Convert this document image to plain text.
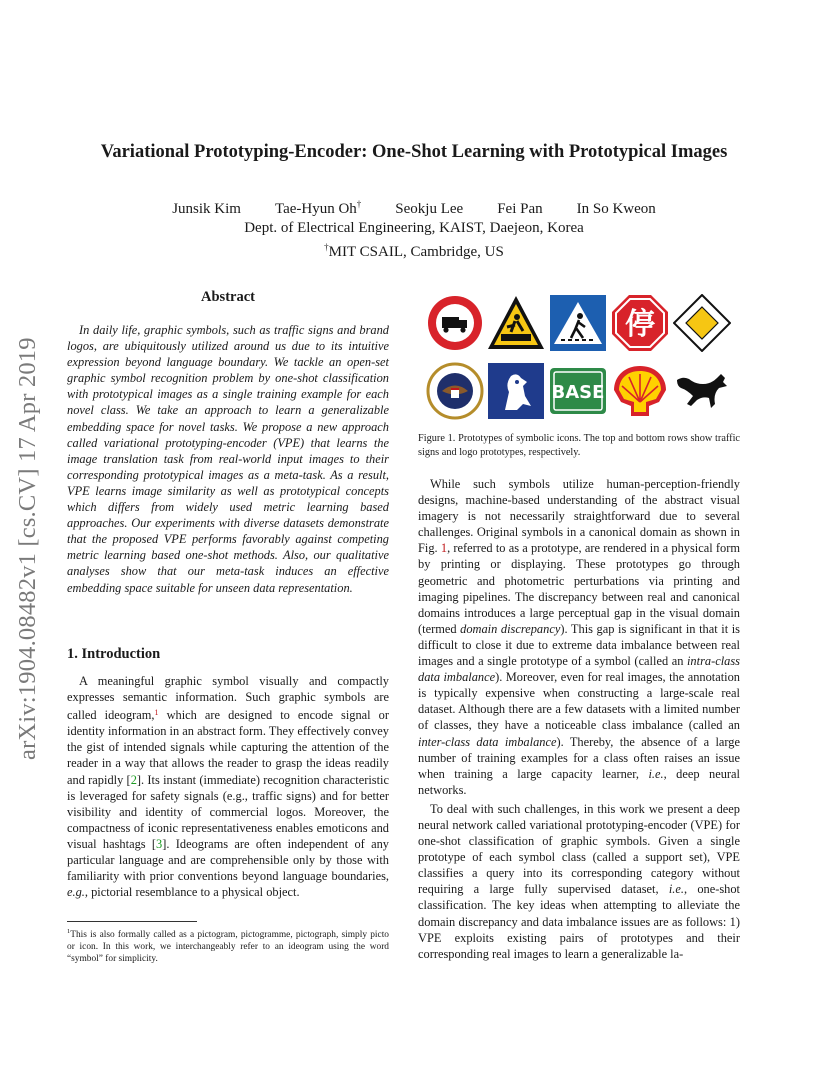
arXiv:1904.08482v1 [cs.CV] 17 Apr 2019
Variational Prototyping-Encoder: One-Shot Learning with Prototypical Images
Junsik Kim Tae-Hyun Oh† Seokju Lee Fei Pan In So Kweon
Dept. of Electrical Engineering, KAIST, Daejeon, Korea
†MIT CSAIL, Cambridge, US
Abstract

In daily life, graphic symbols, such as traffic signs and brand logos, are ubiquitously utilized around us due to its intuitive expression beyond language boundary. We tackle an open-set graphic symbol recognition problem by one-shot classification with prototypical images as a single training example for each novel class. We take an approach to learn a generalizable embedding space for novel tasks. We propose a new approach called variational prototyping-encoder (VPE) that learns the image translation task from real-world input images to their corresponding prototypical images as a meta-task. As a result, VPE learns image similarity as well as prototypical concepts which differs from widely used metric learning based approaches. Our experiments with diverse datasets demonstrate that the proposed VPE performs favorably against competing metric learning based one-shot methods. Also, our qualitative analyses show that our meta-task induces an effective embedding space suitable for unseen data representation.

1. Introduction

A meaningful graphic symbol visually and compactly expresses semantic information. Such graphic symbols are called ideogram,$^1$ which are designed to encode signal or identity information in an abstract form. They effectively convey the gist of intended signals while capturing the attention of the reader in a way that allows the reader to grasp the ideas readily and rapidly [2]. Its instant (immediate) recognition characteristic is leveraged for safety signals (e.g., traffic signs) and for better visibility and identity of commercial logos. Moreover, the compactness of iconic representativeness enables emoticons and visual hashtags [3]. Ideograms are often independent of any particular language and are comprehensible only by those with familiarity with prior conventions beyond language boundaries, e.g., pictorial resemblance to a physical object.

$^1$This is also formally called as a pictogram, pictogramme, pictograph, simply picto or icon. In this work, we interchangeably refer to an ideogram using the word “symbol” for simplicity.
停
BASE
Figure 1. Prototypes of symbolic icons. The top and bottom rows show traffic signs and logo prototypes, respectively.

While such symbols utilize human-perception-friendly designs, machine-based understanding of the abstract visual imagery is not necessarily straightforward due to several challenges. Original symbols in a canonical domain as shown in Fig. 1, referred to as a prototype, are rendered in a physical form by printing or displaying. These prototypes go through geometric and photometric perturbations via printing and imaging pipelines. The discrepancy between real and canonical domains introduces a large perceptual gap in the visual domain (termed domain discrepancy). This gap is significant in that it is difficult to close it due to extreme data imbalance between real images and a single prototype of a symbol (called an intra-class data imbalance). Moreover, even for real images, the annotation is typically expensive when constructing a large-scale real dataset. Although there are a few datasets with a limited number of classes, they have a noticeable class imbalance (called an inter-class data imbalance). Thereby, the absence of a large number of training examples for a class often raises an issue when training a large capacity learner, i.e., deep neural networks.

To deal with such challenges, in this work we present a deep neural network called variational prototyping-encoder (VPE) for one-shot classification of graphic symbols. Given a single prototype of each symbol class (called a support set), VPE classifies a query into its corresponding category without requiring a large fully supervised dataset, i.e., one-shot classification. The key ideas when attempting to alleviate the domain discrepancy and data imbalance issues are as follows: 1) VPE exploits existing pairs of prototypes and their corresponding real images to learn a generalizable la-
